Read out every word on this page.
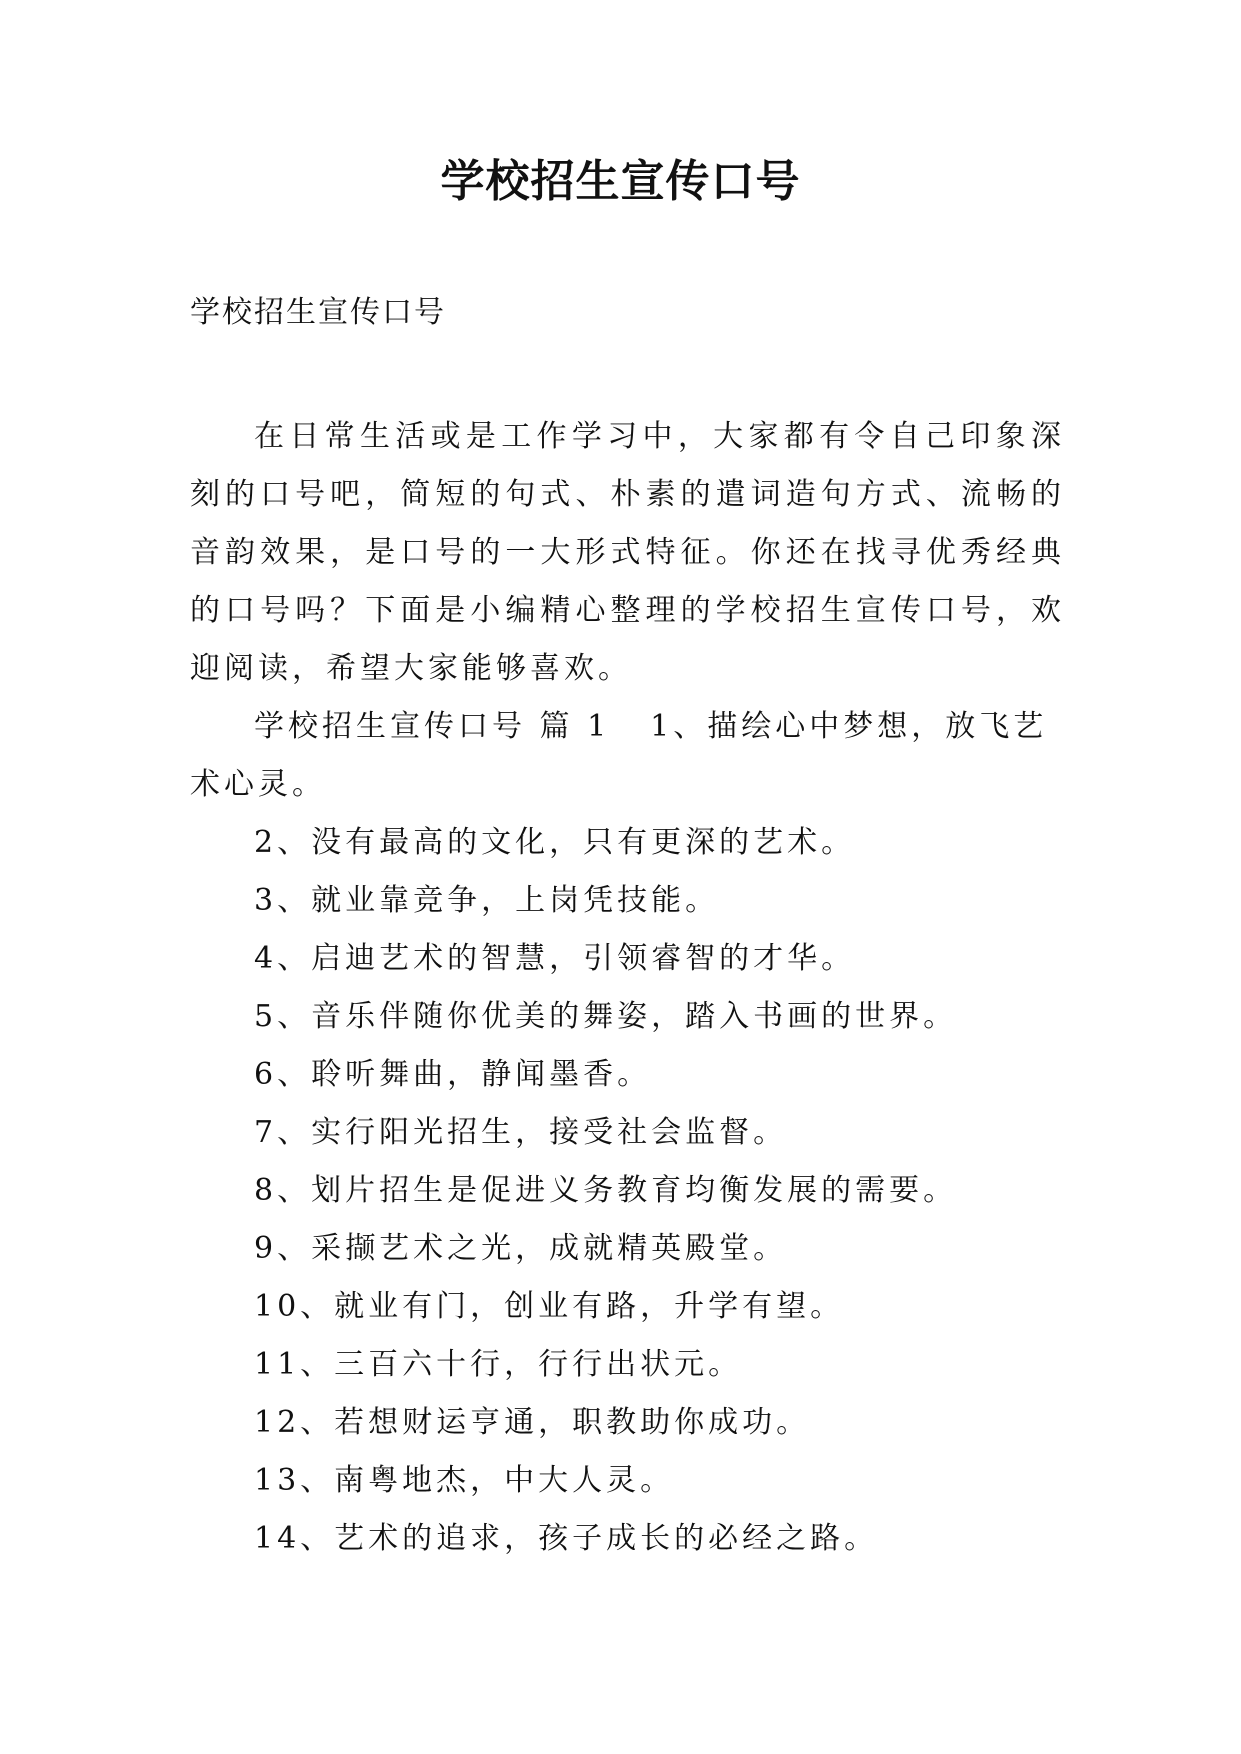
学校招生宣传口号
学校招生宣传口号

在日常生活或是工作学习中，大家都有令自己印象深刻的口号吧，简短的句式、朴素的遣词造句方式、流畅的音韵效果，是口号的一大形式特征。你还在找寻优秀经典的口号吗？下面是小编精心整理的学校招生宣传口号，欢迎阅读，希望大家能够喜欢。

学校招生宣传口号 篇 1 1、描绘心中梦想，放飞艺术心灵。

2、没有最高的文化，只有更深的艺术。
3、就业靠竞争，上岗凭技能。
4、启迪艺术的智慧，引领睿智的才华。
5、音乐伴随你优美的舞姿，踏入书画的世界。
6、聆听舞曲，静闻墨香。
7、实行阳光招生，接受社会监督。
8、划片招生是促进义务教育均衡发展的需要。
9、采撷艺术之光，成就精英殿堂。
10、就业有门，创业有路，升学有望。
11、三百六十行，行行出状元。
12、若想财运亨通，职教助你成功。
13、南粤地杰，中大人灵。
14、艺术的追求，孩子成长的必经之路。
